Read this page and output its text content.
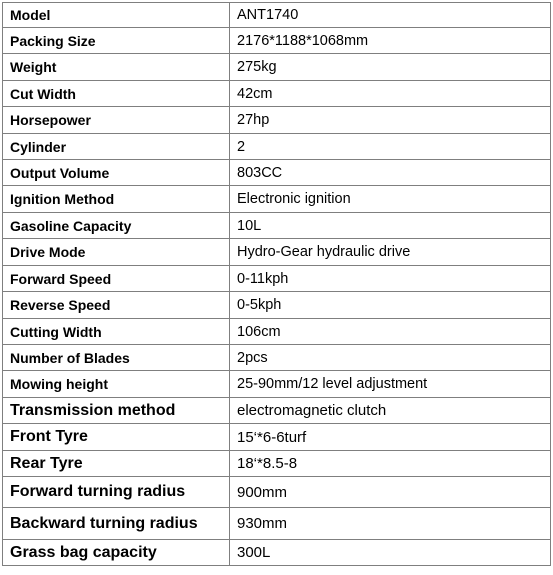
Model	ANT1740
Packing Size	2176*1188*1068mm
Weight	275kg
Cut Width	42cm
Horsepower	27hp
Cylinder	2
Output Volume	803CC
Ignition Method	Electronic ignition
Gasoline Capacity	10L
Drive Mode	Hydro-Gear hydraulic drive
Forward Speed	0-11kph
Reverse Speed	0-5kph
Cutting Width	106cm
Number of Blades	2pcs
Mowing height	25-90mm/12 level adjustment
Transmission method	electromagnetic clutch
Front Tyre	15‘*6-6turf
Rear Tyre	18‘*8.5-8
Forward turning radius	900mm
Backward turning radius	930mm
Grass bag capacity	300L
